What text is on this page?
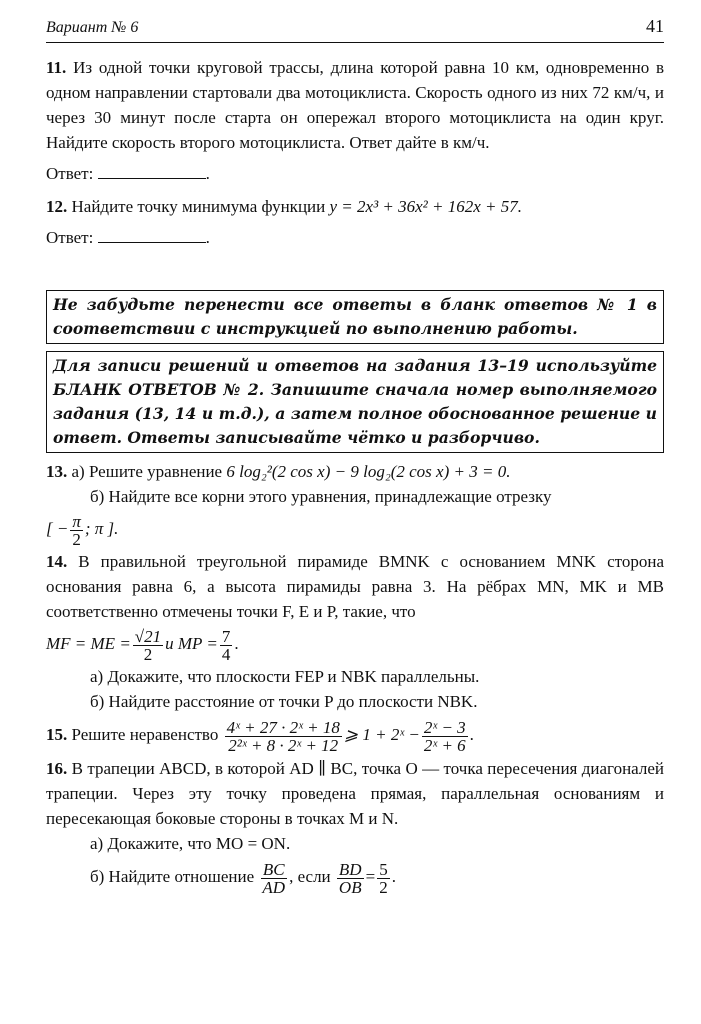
Вариант № 6	41

11. Из одной точки круговой трассы, длина которой равна 10 км, одновременно в одном направлении стартовали два мотоциклиста. Скорость одного из них 72 км/ч, и через 30 минут после старта он опережал второго мотоциклиста на один круг. Найдите скорость второго мотоциклиста. Ответ дайте в км/ч.

Ответ:	.

12. Найдите точку минимума функции y = 2x³ + 36x² + 162x + 57.

Ответ:	.

Не забудьте перенести все ответы в бланк ответов № 1 в соответствии с инструкцией по выполнению работы.
Для записи решений и ответов на задания 13–19 используйте БЛАНК ОТВЕТОВ № 2. Запишите сначала номер выполняемого задания (13, 14 и т.д.), а затем полное обоснованное решение и ответ. Ответы записывайте чётко и разборчиво.

13. а) Решите уравнение 6 log₂²(2 cos x) − 9 log₂(2 cos x) + 3 = 0.

б) Найдите все корни этого уравнения, принадлежащие отрезку

[ − $\frac{\pi}{2}$ ; π ].

14. В правильной треугольной пирамиде BMNK с основанием MNK сторона основания равна 6, а высота пирамиды равна 3. На рёбрах MN, MK и MB соответственно отмечены точки F, E и P, такие, что

MF = ME = $\frac{√21}{2}$ и MP = $\frac{7}{4}$ .

а) Докажите, что плоскости FEP и NBK параллельны.

б) Найдите расстояние от точки P до плоскости NBK.

15. Решите неравенство $\frac{\text{4ˣ + 27 · 2ˣ + 18}}{\text{2²ˣ + 8 · 2ˣ + 12}}$ ⩾ 1 + 2ˣ − $\frac{\text{2ˣ − 3}}{\text{2ˣ + 6}}$ .

16. В трапеции ABCD, в которой AD ∥ BC, точка O — точка пересечения диагоналей трапеции. Через эту точку проведена прямая, параллельная основаниям и пересекающая боковые стороны в точках M и N.

а) Докажите, что MO = ON.

б) Найдите отношение $\frac{BC}{AD}$ , если $\frac{BD}{OB} = \frac{5}{2}$ .
